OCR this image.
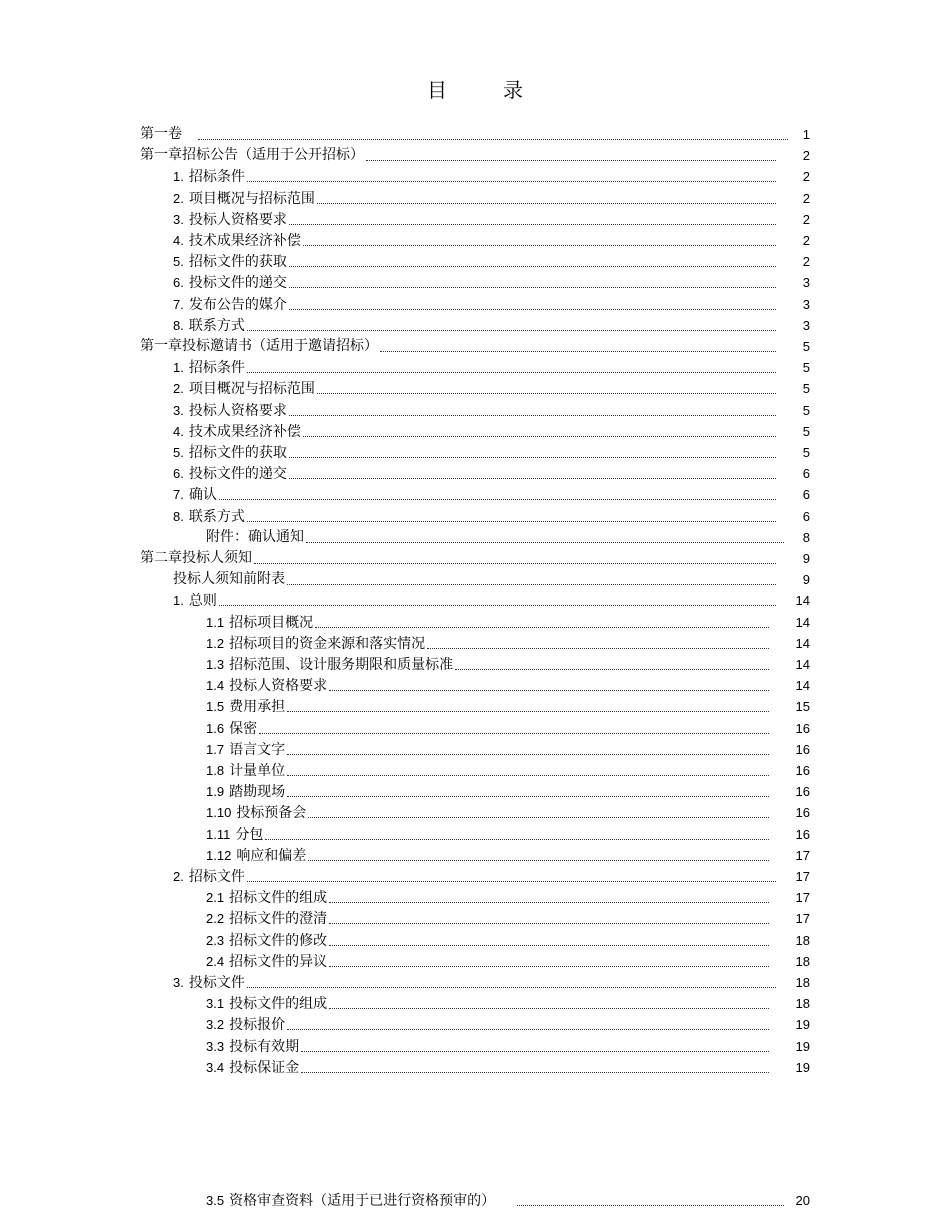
目　录
第一卷	1
第一章招标公告（适用于公开招标）	2
1. 招标条件	2
2. 项目概况与招标范围	2
3. 投标人资格要求	2
4. 技术成果经济补偿	2
5. 招标文件的获取	2
6. 投标文件的递交	3
7. 发布公告的媒介	3
8. 联系方式	3
第一章投标邀请书（适用于邀请招标）	5
1. 招标条件	5
2. 项目概况与招标范围	5
3. 投标人资格要求	5
4. 技术成果经济补偿	5
5. 招标文件的获取	5
6. 投标文件的递交	6
7. 确认	6
8. 联系方式	6
附件：确认通知	8
第二章投标人须知	9
投标人须知前附表	9
1. 总则	14
1.1 招标项目概况	14
1.2 招标项目的资金来源和落实情况	14
1.3 招标范围、设计服务期限和质量标准	14
1.4 投标人资格要求	14
1.5 费用承担	15
1.6 保密	16
1.7 语言文字	16
1.8 计量单位	16
1.9 踏勘现场	16
1.10 投标预备会	16
1.11 分包	16
1.12 响应和偏差	17
2. 招标文件	17
2.1 招标文件的组成	17
2.2 招标文件的澄清	17
2.3 招标文件的修改	18
2.4 招标文件的异议	18
3. 投标文件	18
3.1 投标文件的组成	18
3.2 投标报价	19
3.3 投标有效期	19
3.4 投标保证金	19
3.5 资格审查资料（适用于已进行资格预审的）	20
